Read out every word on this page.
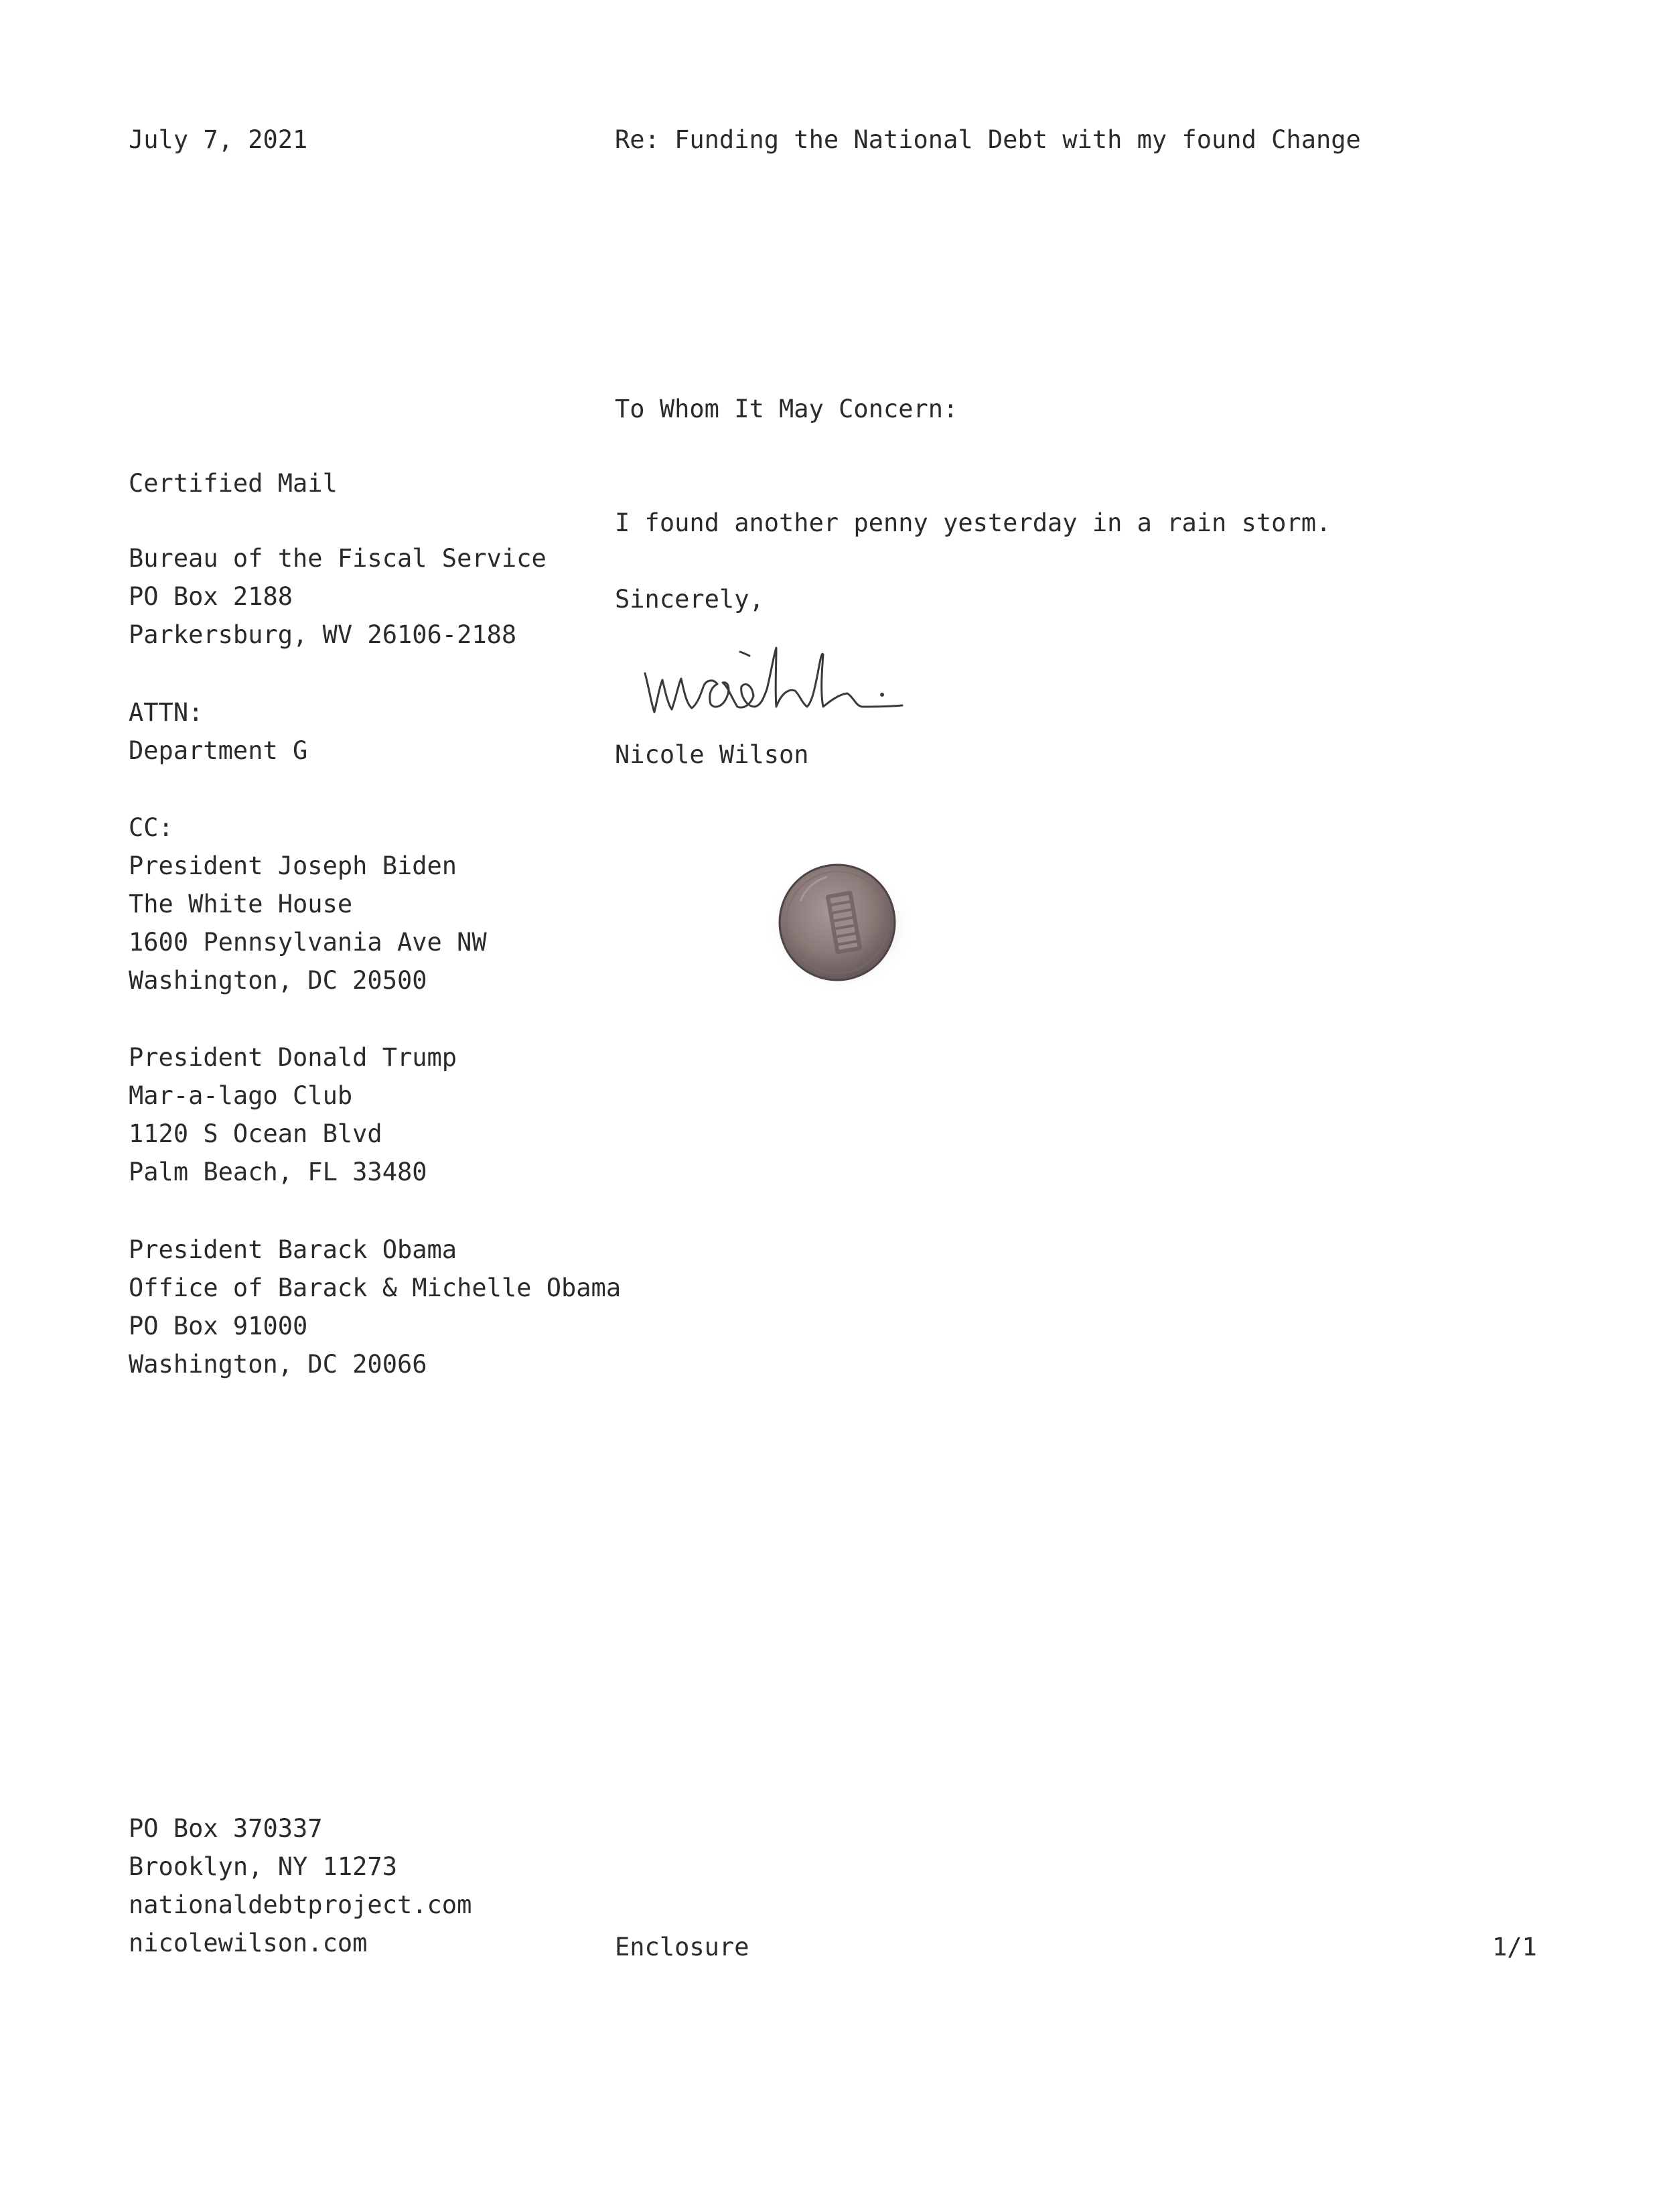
July 7, 2021	Re: Funding the National Debt with my found Change
To Whom It May Concern:
Certified Mail
Bureau of the Fiscal Service
PO Box 2188
Parkersburg, WV 26106-2188
ATTN:
Department G
CC:
President Joseph Biden
The White House
1600 Pennsylvania Ave NW
Washington, DC 20500
President Donald Trump
Mar-a-lago Club
1120 S Ocean Blvd
Palm Beach, FL 33480
President Barack Obama
Office of Barack & Michelle Obama
PO Box 91000
Washington, DC 20066
I found another penny yesterday in a rain storm.
Sincerely,
Nicole Wilson
PO Box 370337
Brooklyn, NY 11273
nationaldebtproject.com
nicolewilson.com	Enclosure	1/1
